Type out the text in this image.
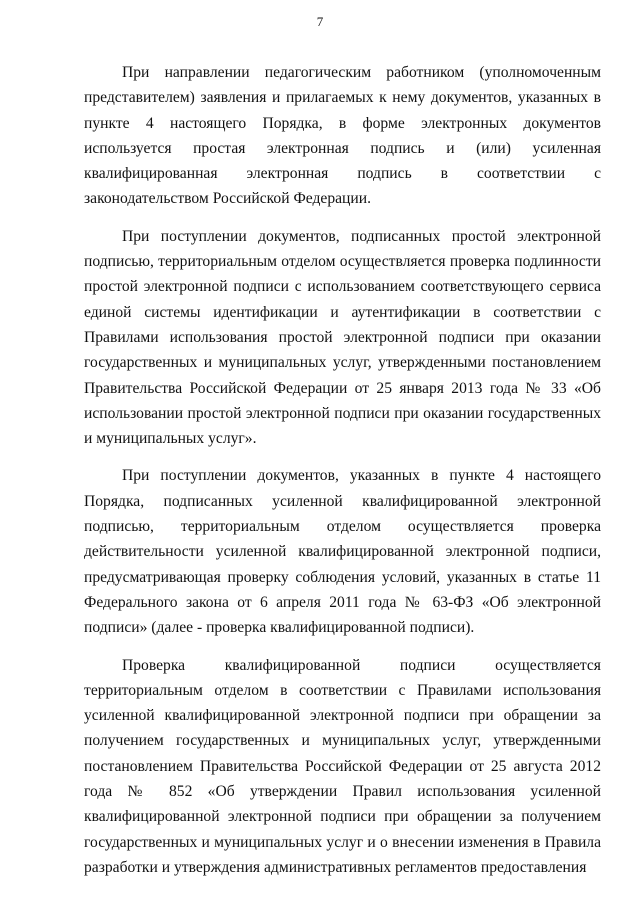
7

При направлении педагогическим работником (уполномоченным представителем) заявления и прилагаемых к нему документов, указанных в пункте 4 настоящего Порядка, в форме электронных документов используется простая электронная подпись и (или) усиленная квалифицированная электронная подпись в соответствии с законодательством Российской Федерации.

При поступлении документов, подписанных простой электронной подписью, территориальным отделом осуществляется проверка подлинности простой электронной подписи с использованием соответствующего сервиса единой системы идентификации и аутентификации в соответствии с Правилами использования простой электронной подписи при оказании государственных и муниципальных услуг, утвержденными постановлением Правительства Российской Федерации от 25 января 2013 года № 33 «Об использовании простой электронной подписи при оказании государственных и муниципальных услуг».

При поступлении документов, указанных в пункте 4 настоящего Порядка, подписанных усиленной квалифицированной электронной подписью, территориальным отделом осуществляется проверка действительности усиленной квалифицированной электронной подписи, предусматривающая проверку соблюдения условий, указанных в статье 11 Федерального закона от 6 апреля 2011 года № 63-ФЗ «Об электронной подписи» (далее - проверка квалифицированной подписи).

Проверка квалифицированной подписи осуществляется территориальным отделом в соответствии с Правилами использования усиленной квалифицированной электронной подписи при обращении за получением государственных и муниципальных услуг, утвержденными постановлением Правительства Российской Федерации от 25 августа 2012 года № 852 «Об утверждении Правил использования усиленной квалифицированной электронной подписи при обращении за получением государственных и муниципальных услуг и о внесении изменения в Правила разработки и утверждения административных регламентов предоставления
